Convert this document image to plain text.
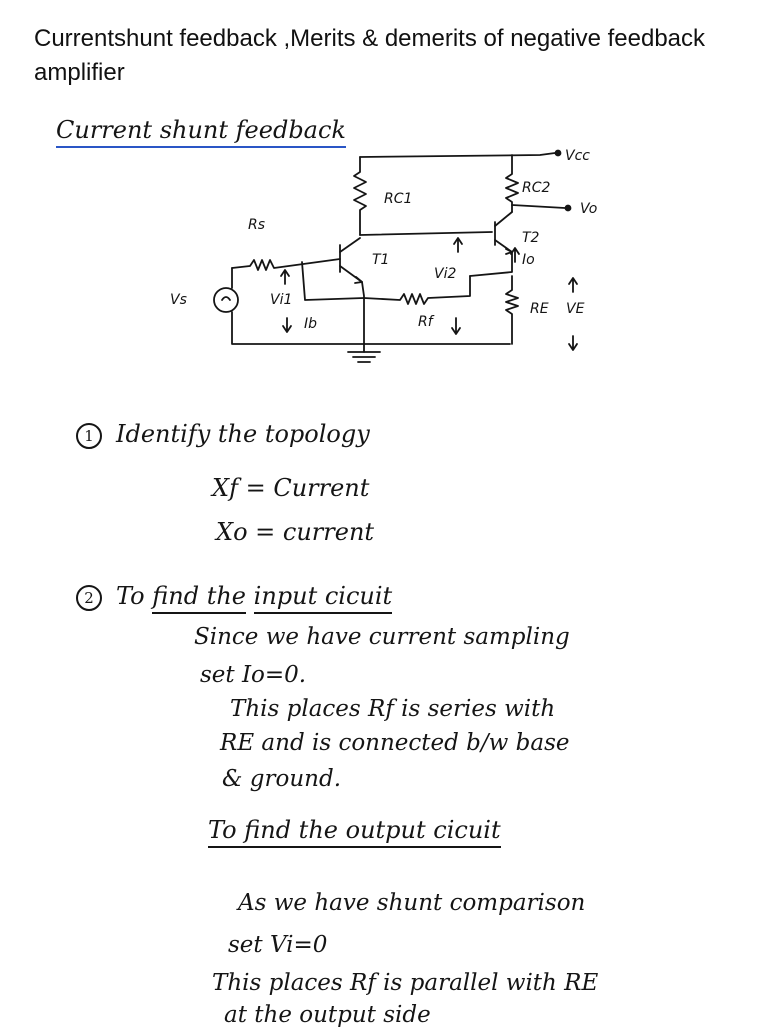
Currentshunt feedback ,Merits & demerits of negative feedback amplifier
Current shunt feedback
Vcc
RC1
RC2
Vo
Rs
T1
T2
Io
Vs	Vi1
Vi2
Ib	Rf
RE VE
1 Identify the topology
Xf = Current
Xo = current
2 To find the input cicuit
Since we have current sampling
set Io=0.
This places Rf is series with
RE and is connected b/w base
& ground.
To find the output cicuit
As we have shunt comparison
set Vi=0
This places Rf is parallel with RE
at the output side
